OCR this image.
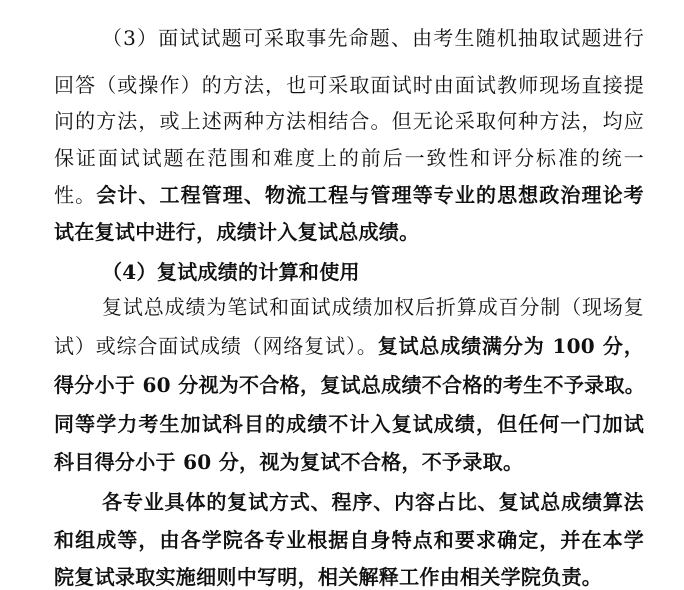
（3）面试试题可采取事先命题、由考生随机抽取试题进行
回答（或操作）的方法，也可采取面试时由面试教师现场直接提
问的方法，或上述两种方法相结合。但无论采取何种方法，均应
保证面试试题在范围和难度上的前后一致性和评分标准的统一
性。会计、工程管理、物流工程与管理等专业的思想政治理论考
试在复试中进行，成绩计入复试总成绩。
（4）复试成绩的计算和使用
复试总成绩为笔试和面试成绩加权后折算成百分制（现场复
试）或综合面试成绩（网络复试）。复试总成绩满分为 100 分，
得分小于 60 分视为不合格，复试总成绩不合格的考生不予录取。
同等学力考生加试科目的成绩不计入复试成绩，但任何一门加试
科目得分小于 60 分，视为复试不合格，不予录取。
各专业具体的复试方式、程序、内容占比、复试总成绩算法
和组成等，由各学院各专业根据自身特点和要求确定，并在本学
院复试录取实施细则中写明，相关解释工作由相关学院负责。
